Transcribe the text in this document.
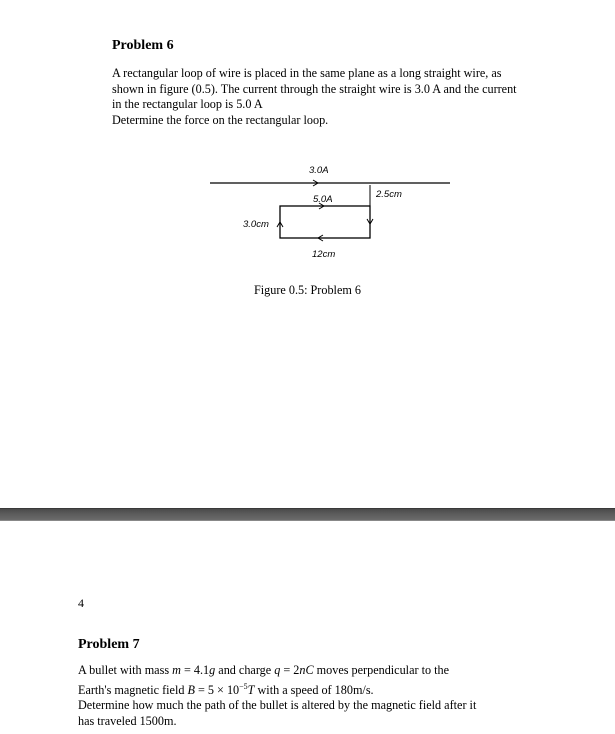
Problem 6

A rectangular loop of wire is placed in the same plane as a long straight wire, as

shown in figure (0.5). The current through the straight wire is 3.0 A and the current

in the rectangular loop is 5.0 A

Determine the force on the rectangular loop.

3.0A
5.0A
12cm
3.0cm
2.5cm
Figure 0.5: Problem 6
4
Problem 7

A bullet with mass m = 4.1g and charge q = 2nC moves perpendicular to the

Earth's magnetic field $B = 5 \times 10^{-5}T$ with a speed of 180m/s.

Determine how much the path of the bullet is altered by the magnetic field after it

has traveled 1500m.
